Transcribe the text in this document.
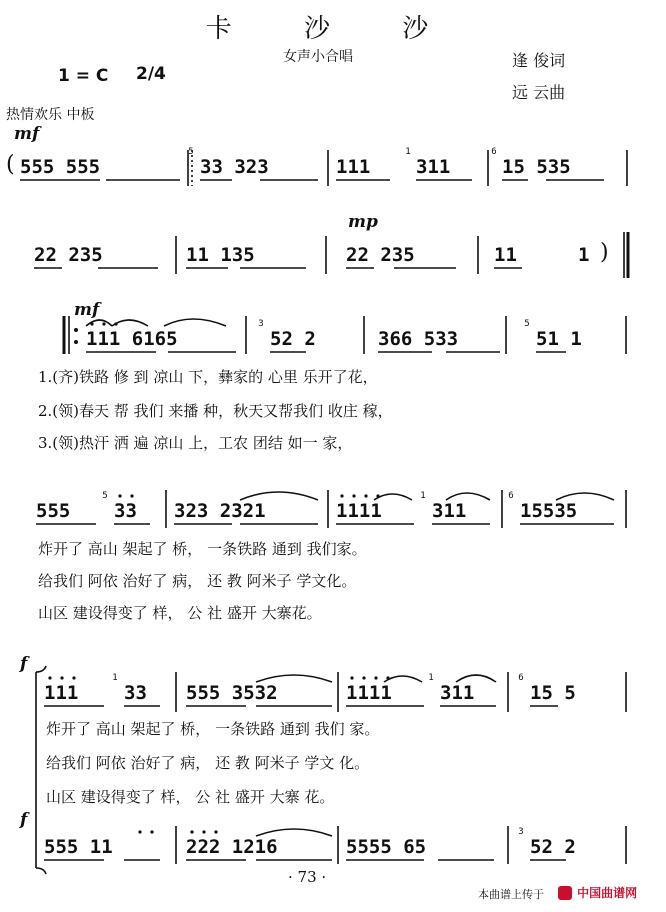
卡 沙 沙
女声小合唱	逢 俊词
远 云曲
1 = C 2/4
热情欢乐 中板
mf
( 555 555
5
33 323	111
1
311
6
15 535
mp
22 235	11 135	22 235	11	1 )
mf
111 6165
3
52 2	366 533
5
51 1
1.(齐)铁路 修 到 凉山 下，彝家的 心里 乐开了花，
2.(领)春天 帮 我们 来播 种，秋天又帮我们 收庄 稼，
3.(领)热汗 洒 遍 凉山 上，工农 团结 如一 家，
555
5
33 323 2321	1111
1
311
6
15535
炸开了 高山 架起了 桥， 一条铁路 通到 我们家。
给我们 阿依 治好了 病， 还 教 阿米子 学文化。
山区 建设得变了 样， 公 社 盛开 大寨花。
f
111
1
33 555 3532	1111
1
311
6
15 5
炸开了 高山 架起了 桥， 一条铁路 通到 我们 家。
给我们 阿依 治好了 病， 还 教 阿米子 学文 化。
山区 建设得变了 样， 公 社 盛开 大寨 花。
f
555 11	222 1216	5555 65
3
52 2
· 73 ·
本曲谱上传于	中国曲谱网
